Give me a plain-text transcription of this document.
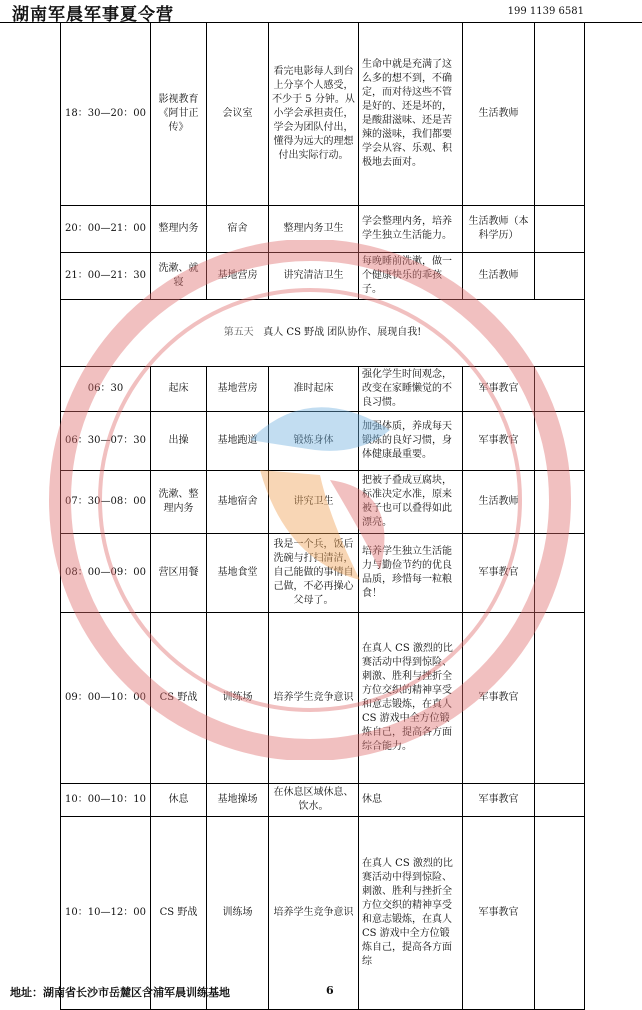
湖南军晨军事夏令营	199 1139 6581
18：30—20：00	影视教育《阿甘正传》	会议室	看完电影每人到台上分享个人感受，不少于 5 分钟。从小学会承担责任，学会为团队付出，懂得为远大的理想付出实际行动。	生命中就是充满了这么多的想不到，不确定，而对待这些不管是好的、还是坏的，是酸甜滋味、还是苦辣的滋味，我们都要学会从容、乐观、积极地去面对。	生活教师	
20：00—21：00	整理内务	宿舍	整理内务卫生	学会整理内务，培养学生独立生活能力。	生活教师（本科学历）	
21：00—21：30	洗漱、就寝	基地营房	讲究清洁卫生	每晚睡前洗漱，做一个健康快乐的乖孩子。	生活教师	
第五天 真人 CS 野战 团队协作、展现自我!						
06：30	起床	基地营房	准时起床	强化学生时间观念，改变在家睡懒觉的不良习惯。	军事教官	
06：30—07：30	出操	基地跑道	锻炼身体	加强体质，养成每天锻炼的良好习惯，身体健康最重要。	军事教官	
07：30—08：00	洗漱、整理内务	基地宿舍	讲究卫生	把被子叠成豆腐块，标准决定水准，原来被子也可以叠得如此漂亮。	生活教师	
08：00—09：00	营区用餐	基地食堂	我是一个兵，饭后洗碗与打扫清洁，自己能做的事情自己做，不必再操心父母了。	培养学生独立生活能力与勤俭节约的优良品质，珍惜每一粒粮食！	军事教官	
09：00—10：00	CS 野战	训练场	培养学生竞争意识	在真人 CS 激烈的比赛活动中得到惊险、刺激、胜利与挫折全方位交织的精神享受和意志锻炼，在真人 CS 游戏中全方位锻炼自己，提高各方面综合能力。	军事教官	
10：00—10：10	休息	基地操场	在休息区域休息、饮水。	休息	军事教官	
10：10—12：00	CS 野战	训练场	培养学生竞争意识	在真人 CS 激烈的比赛活动中得到惊险、刺激、胜利与挫折全方位交织的精神享受和意志锻炼，在真人 CS 游戏中全方位锻炼自己，提高各方面综	军事教官	
地址：湖南省长沙市岳麓区含浦军晨训练基地	6
